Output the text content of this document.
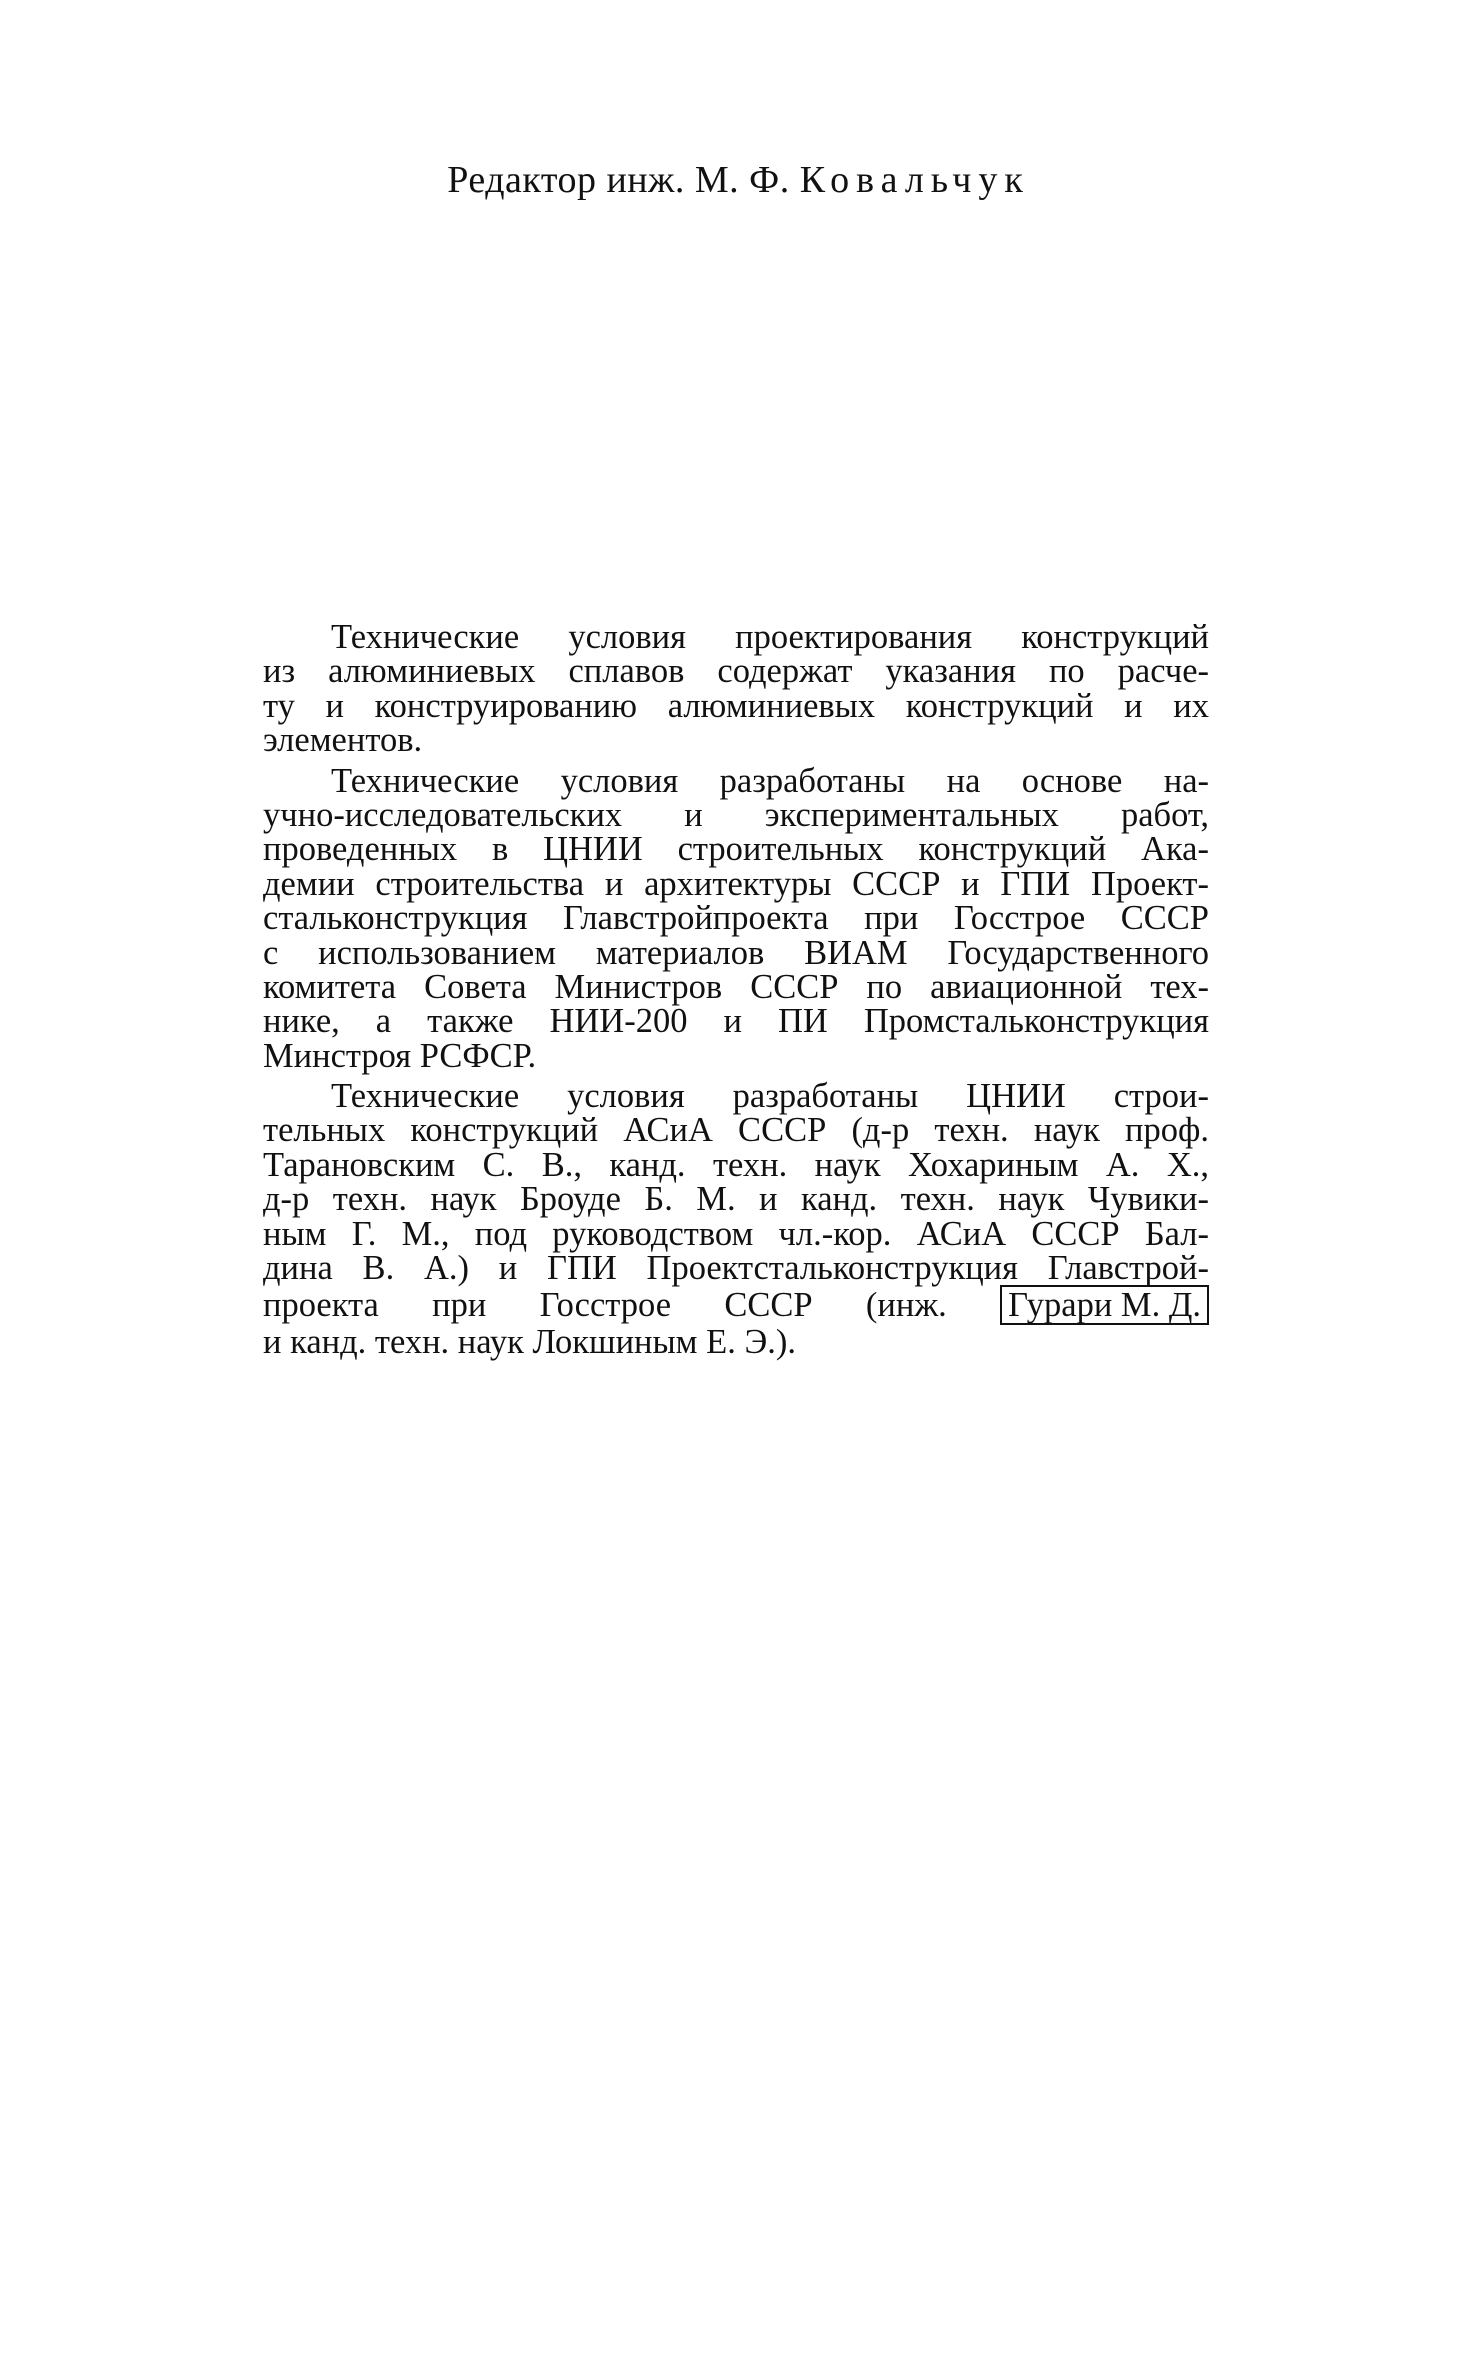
Редактор инж. М. Ф. Ковальчук
Технические условия проектирования конструкций
из алюминиевых сплавов содержат указания по расче-
ту и конструированию алюминиевых конструкций и их
элементов.
Технические условия разработаны на основе на-
учно-исследовательских и экспериментальных работ,
проведенных в ЦНИИ строительных конструкций Ака-
демии строительства и архитектуры СССР и ГПИ Проект-
стальконструкция Главстройпроекта при Госстрое СССР
с использованием материалов ВИАМ Государственного
комитета Совета Министров СССР по авиационной тех-
нике, а также НИИ-200 и ПИ Промстальконструкция
Минстроя РСФСР.
Технические условия разработаны ЦНИИ строи-
тельных конструкций АСиА СССР (д-р техн. наук проф.
Тарановским С. В., канд. техн. наук Хохариным А. Х.,
д-р техн. наук Броуде Б. М. и канд. техн. наук Чувики-
ным Г. М., под руководством чл.-кор. АСиА СССР Бал-
дина В. А.) и ГПИ Проектстальконструкция Главстрой-
проекта при Госстрое СССР (инж. Гурари М. Д.
и канд. техн. наук Локшиным Е. Э.).
